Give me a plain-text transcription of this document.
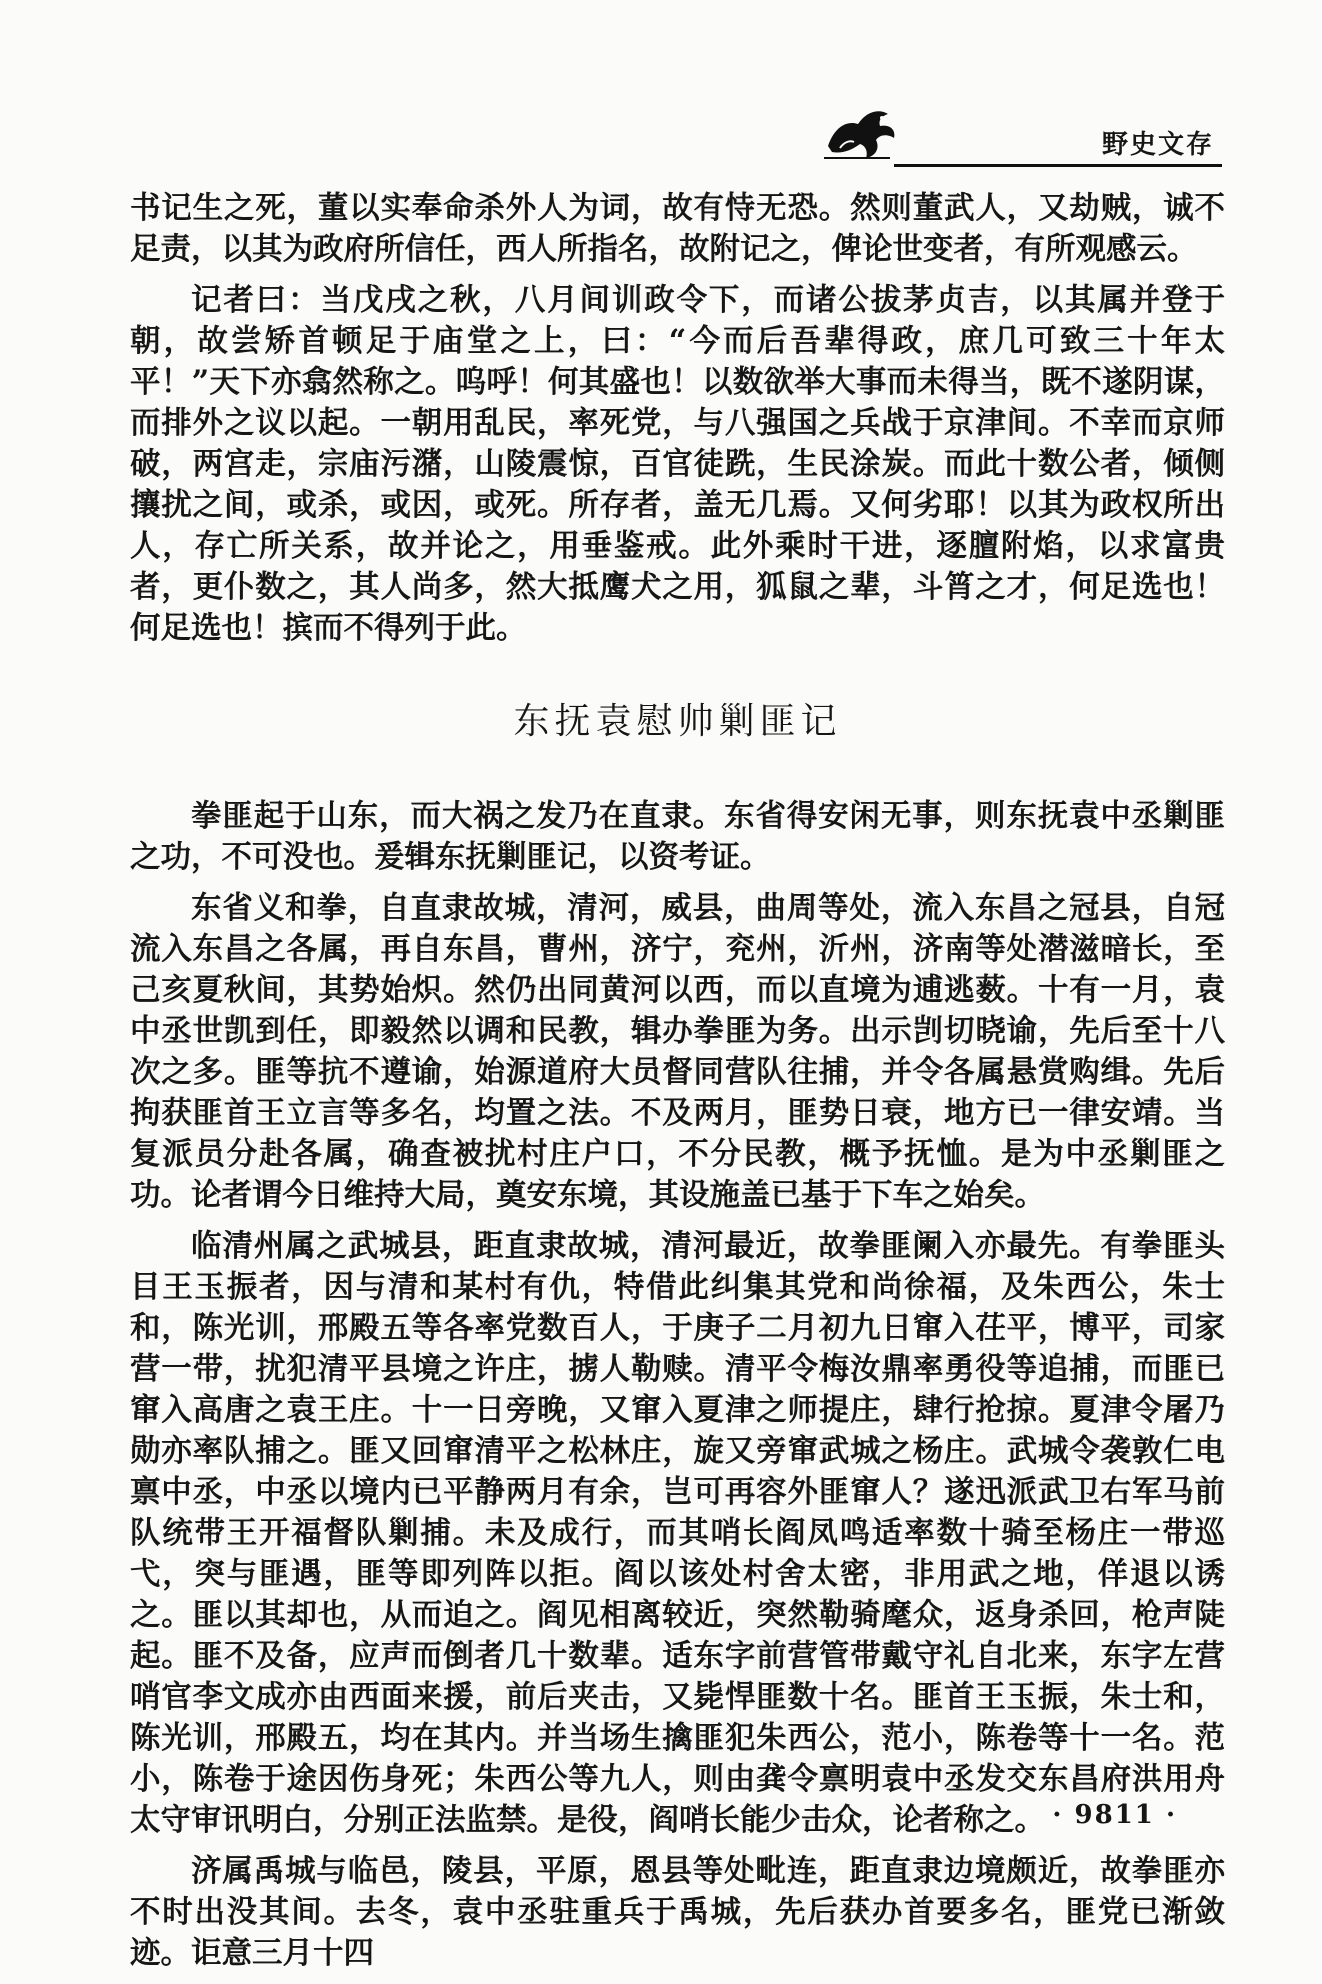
野史文存

书记生之死，董以实奉命杀外人为词，故有恃无恐。然则董武人，又劫贼，诚不足责，以其为政府所信任，西人所指名，故附记之，俾论世变者，有所观感云。

记者曰：当戊戌之秋，八月间训政令下，而诸公拔茅贞吉，以其属并登于朝，故尝矫首顿足于庙堂之上，曰：“今而后吾辈得政，庶几可致三十年太平！”天下亦翕然称之。呜呼！何其盛也！以数欲举大事而未得当，既不遂阴谋，而排外之议以起。一朝用乱民，率死党，与八强国之兵战于京津间。不幸而京师破，两宫走，宗庙污潴，山陵震惊，百官徒跣，生民涂炭。而此十数公者，倾侧攘扰之间，或杀，或因，或死。所存者，盖无几焉。又何劣耶！以其为政权所出人，存亡所关系，故并论之，用垂鉴戒。此外乘时干进，逐膻附焰，以求富贵者，更仆数之，其人尚多，然大抵鹰犬之用，狐鼠之辈，斗筲之才，何足选也！何足选也！摈而不得列于此。

东抚袁慰帅剿匪记

拳匪起于山东，而大祸之发乃在直隶。东省得安闲无事，则东抚袁中丞剿匪之功，不可没也。爰辑东抚剿匪记，以资考证。

东省义和拳，自直隶故城，清河，威县，曲周等处，流入东昌之冠县，自冠流入东昌之各属，再自东昌，曹州，济宁，兖州，沂州，济南等处潜滋暗长，至己亥夏秋间，其势始炽。然仍出同黄河以西，而以直境为逋逃薮。十有一月，袁中丞世凯到任，即毅然以调和民教，辑办拳匪为务。出示剀切晓谕，先后至十八次之多。匪等抗不遵谕，始源道府大员督同营队往捕，并令各属悬赏购缉。先后拘获匪首王立言等多名，均置之法。不及两月，匪势日衰，地方已一律安靖。当复派员分赴各属，确查被扰村庄户口，不分民教，概予抚恤。是为中丞剿匪之功。论者谓今日维持大局，奠安东境，其设施盖已基于下车之始矣。

临清州属之武城县，距直隶故城，清河最近，故拳匪阑入亦最先。有拳匪头目王玉振者，因与清和某村有仇，特借此纠集其党和尚徐福，及朱西公，朱士和，陈光训，邢殿五等各率党数百人，于庚子二月初九日窜入茌平，博平，司家营一带，扰犯清平县境之许庄，掳人勒赎。清平令梅汝鼎率勇役等追捕，而匪已窜入高唐之袁王庄。十一日旁晚，又窜入夏津之师提庄，肆行抢掠。夏津令屠乃勋亦率队捕之。匪又回窜清平之松林庄，旋又旁窜武城之杨庄。武城令袭敦仁电禀中丞，中丞以境内已平静两月有余，岂可再容外匪窜人？遂迅派武卫右军马前队统带王开福督队剿捕。未及成行，而其哨长阎凤鸣适率数十骑至杨庄一带巡弋，突与匪遇，匪等即列阵以拒。阎以该处村舍太密，非用武之地，佯退以诱之。匪以其却也，从而迫之。阎见相离较近，突然勒骑麾众，返身杀回，枪声陡起。匪不及备，应声而倒者几十数辈。适东字前营管带戴守礼自北来，东字左营哨官李文成亦由西面来援，前后夹击，又毙悍匪数十名。匪首王玉振，朱士和，陈光训，邢殿五，均在其内。并当场生擒匪犯朱西公，范小，陈卷等十一名。范小，陈卷于途因伤身死；朱西公等九人，则由龚令禀明袁中丞发交东昌府洪用舟太守审讯明白，分别正法监禁。是役，阎哨长能少击众，论者称之。

济属禹城与临邑，陵县，平原，恩县等处毗连，距直隶边境颇近，故拳匪亦不时出没其间。去冬，袁中丞驻重兵于禹城，先后获办首要多名，匪党已渐敛迹。讵意三月十四

· 9811 ·
